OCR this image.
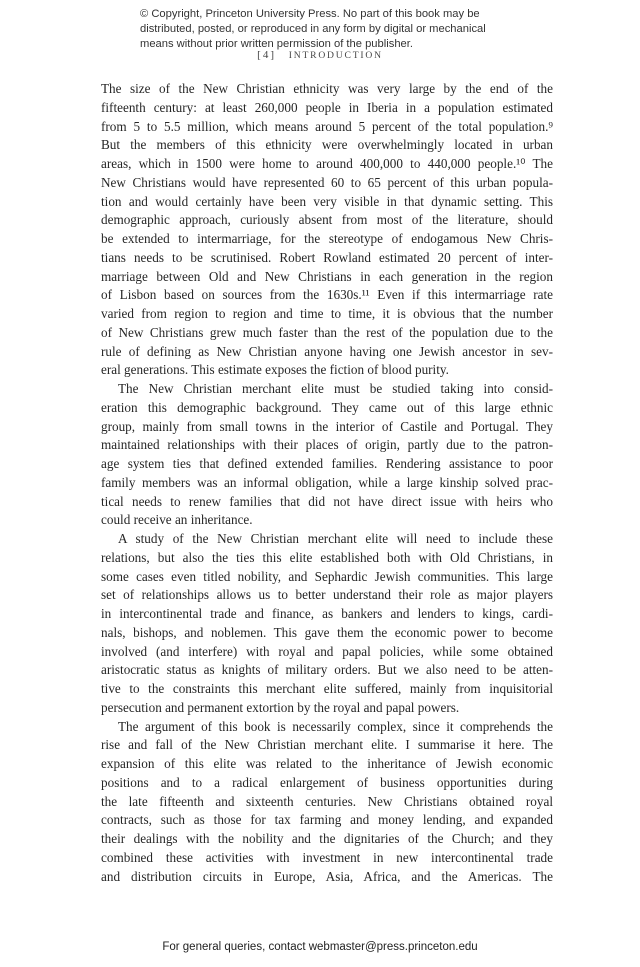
© Copyright, Princeton University Press. No part of this book may be distributed, posted, or reproduced in any form by digital or mechanical means without prior written permission of the publisher.
[4] INTRODUCTION
The size of the New Christian ethnicity was very large by the end of the
fifteenth century: at least 260,000 people in Iberia in a population estimated
from 5 to 5.5 million, which means around 5 percent of the total population.⁹
But the members of this ethnicity were overwhelmingly located in urban
areas, which in 1500 were home to around 400,000 to 440,000 people.¹⁰ The
New Christians would have represented 60 to 65 percent of this urban popula-
tion and would certainly have been very visible in that dynamic setting. This
demographic approach, curiously absent from most of the literature, should
be extended to intermarriage, for the stereotype of endogamous New Chris-
tians needs to be scrutinised. Robert Rowland estimated 20 percent of inter-
marriage between Old and New Christians in each generation in the region
of Lisbon based on sources from the 1630s.¹¹ Even if this intermarriage rate
varied from region to region and time to time, it is obvious that the number
of New Christians grew much faster than the rest of the population due to the
rule of defining as New Christian anyone having one Jewish ancestor in sev-
eral generations. This estimate exposes the fiction of blood purity.
The New Christian merchant elite must be studied taking into consid-
eration this demographic background. They came out of this large ethnic
group, mainly from small towns in the interior of Castile and Portugal. They
maintained relationships with their places of origin, partly due to the patron-
age system ties that defined extended families. Rendering assistance to poor
family members was an informal obligation, while a large kinship solved prac-
tical needs to renew families that did not have direct issue with heirs who
could receive an inheritance.
A study of the New Christian merchant elite will need to include these
relations, but also the ties this elite established both with Old Christians, in
some cases even titled nobility, and Sephardic Jewish communities. This large
set of relationships allows us to better understand their role as major players
in intercontinental trade and finance, as bankers and lenders to kings, cardi-
nals, bishops, and noblemen. This gave them the economic power to become
involved (and interfere) with royal and papal policies, while some obtained
aristocratic status as knights of military orders. But we also need to be atten-
tive to the constraints this merchant elite suffered, mainly from inquisitorial
persecution and permanent extortion by the royal and papal powers.
The argument of this book is necessarily complex, since it comprehends the
rise and fall of the New Christian merchant elite. I summarise it here. The
expansion of this elite was related to the inheritance of Jewish economic
positions and to a radical enlargement of business opportunities during
the late fifteenth and sixteenth centuries. New Christians obtained royal
contracts, such as those for tax farming and money lending, and expanded
their dealings with the nobility and the dignitaries of the Church; and they
combined these activities with investment in new intercontinental trade
and distribution circuits in Europe, Asia, Africa, and the Americas. The
For general queries, contact webmaster@press.princeton.edu
